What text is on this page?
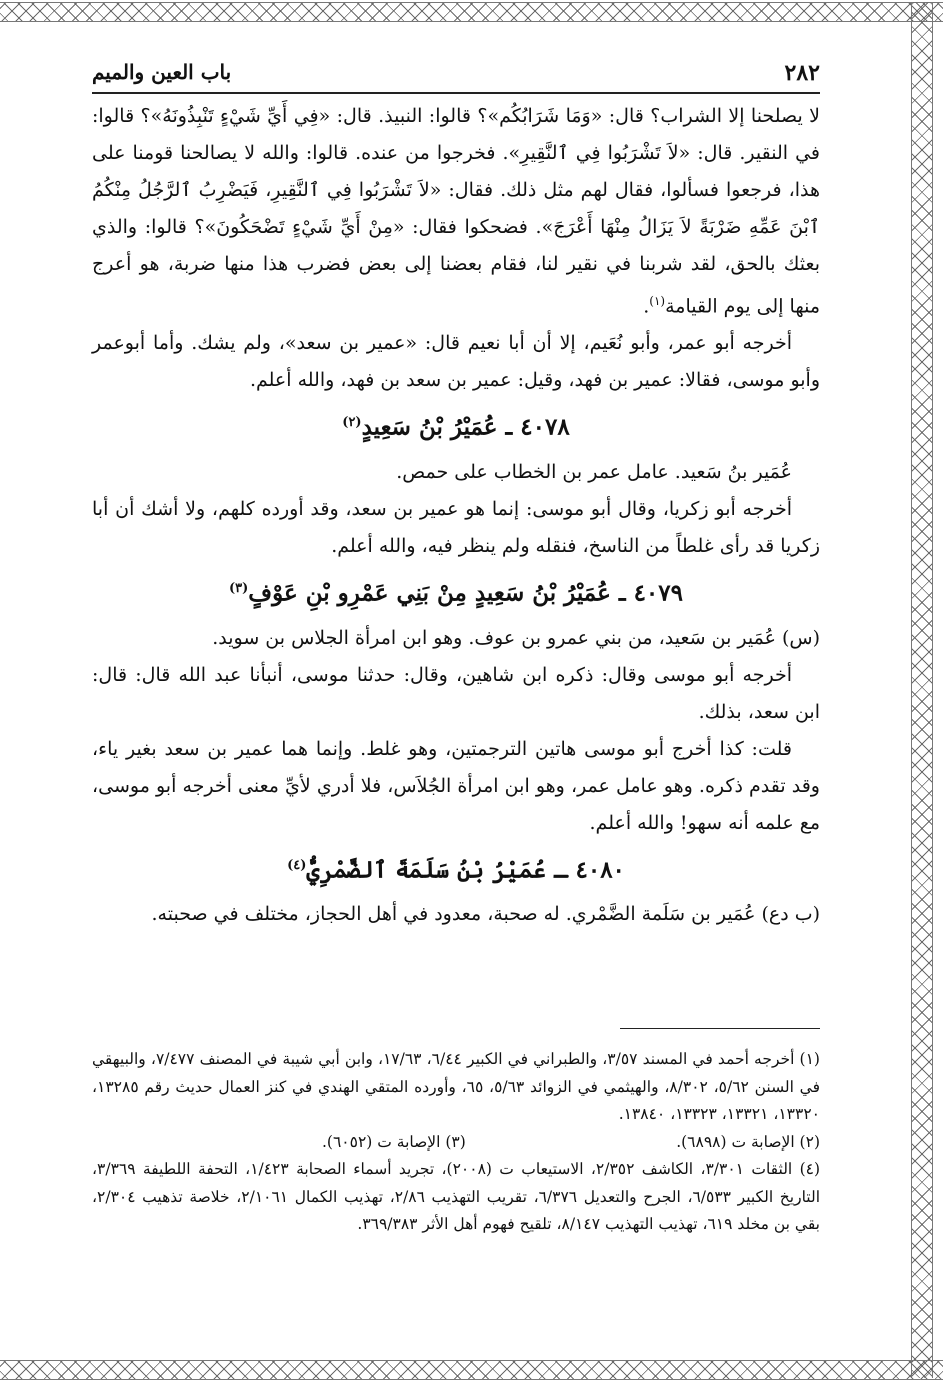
٢٨٢
باب العين والميم

لا يصلحنا إلا الشراب؟ قال: «وَمَا شَرَابُكُم»؟ قالوا: النبيذ. قال: «فِي أَيِّ شَيْءٍ تَنْبِذُونَهُ»؟ قالوا: في النقير. قال: «لاَ تَشْرَبُوا فِي ٱلنَّقِيرِ». فخرجوا من عنده. قالوا: والله لا يصالحنا قومنا على هذا، فرجعوا فسألوا، فقال لهم مثل ذلك. فقال: «لاَ تَشْرَبُوا فِي ٱلنَّقِيرِ، فَيَضْرِبُ ٱلرَّجُلُ مِنْكُمُ ٱبْنَ عَمِّهِ ضَرْبَةً لاَ يَزَالُ مِنْهَا أَعْرَجَ». فضحكوا فقال: «مِنْ أَيِّ شَيْءٍ تَضْحَكُونَ»؟ قالوا: والذي بعثك بالحق، لقد شربنا في نقير لنا، فقام بعضنا إلى بعض فضرب هذا منها ضربة، هو أعرج منها إلى يوم القيامة$^{(١)}$.

أخرجه أبو عمر، وأبو نُعَيم، إلا أن أبا نعيم قال: «عمير بن سعد»، ولم يشك. وأما أبوعمر وأبو موسى، فقالا: عمير بن فهد، وقيل: عمير بن سعد بن فهد، والله أعلم.

٤٠٧٨ ـ عُمَيْرُ بْنُ سَعِيدٍ$^{(٢)}$

عُمَير بنُ سَعيد. عامل عمر بن الخطاب على حمص.

أخرجه أبو زكريا، وقال أبو موسى: إنما هو عمير بن سعد، وقد أورده كلهم، ولا أشك أن أبا زكريا قد رأى غلطاً من الناسخ، فنقله ولم ينظر فيه، والله أعلم.

٤٠٧٩ ـ عُمَيْرُ بْنُ سَعِيدٍ مِنْ بَنِي عَمْرِو بْنِ عَوْفٍ$^{(٣)}$

(س) عُمَير بن سَعيد، من بني عمرو بن عوف. وهو ابن امرأة الجلاس بن سويد.

أخرجه أبو موسى وقال: ذكره ابن شاهين، وقال: حدثنا موسى، أنبأنا عبد الله قال: قال: ابن سعد، بذلك.

قلت: كذا أخرج أبو موسى هاتين الترجمتين، وهو غلط. وإنما هما عمير بن سعد بغير ياء، وقد تقدم ذكره. وهو عامل عمر، وهو ابن امرأة الجُلاَس، فلا أدري لأيِّ معنى أخرجه أبو موسى، مع علمه أنه سهو! والله أعلم.

٤٠٨٠ ـ عُمَيْرُ بْنُ سَلَمَةَ ٱلضَّمْرِيُّ$^{(٤)}$

(ب دع) عُمَير بن سَلَمة الضَّمْري. له صحبة، معدود في أهل الحجاز، مختلف في صحبته.

(١) أخرجه أحمد في المسند ٣/٥٧، والطبراني في الكبير ٦/٤٤، ١٧/٦٣، وابن أبي شيبة في المصنف ٧/٤٧٧، والبيهقي في السنن ٥/٦٢، ٨/٣٠٢، والهيثمي في الزوائد ٥/٦٣، ٦٥، وأورده المتقي الهندي في كنز العمال حديث رقم ١٣٢٨٥، ١٣٣٢٠، ١٣٣٢١، ١٣٣٢٣، ١٣٨٤٠.

(٢) الإصابة ت (٦٨٩٨).
(٣) الإصابة ت (٦٠٥٢).

(٤) الثقات ٣/٣٠١، الكاشف ٢/٣٥٢، الاستيعاب ت (٢٠٠٨)، تجريد أسماء الصحابة ١/٤٢٣، التحفة اللطيفة ٣/٣٦٩، التاريخ الكبير ٦/٥٣٣، الجرح والتعديل ٦/٣٧٦، تقريب التهذيب ٢/٨٦، تهذيب الكمال ٢/١٠٦١، خلاصة تذهيب ٢/٣٠٤، بقي بن مخلد ٦١٩، تهذيب التهذيب ٨/١٤٧، تلقيح فهوم أهل الأثر ٣٦٩/٣٨٣.
